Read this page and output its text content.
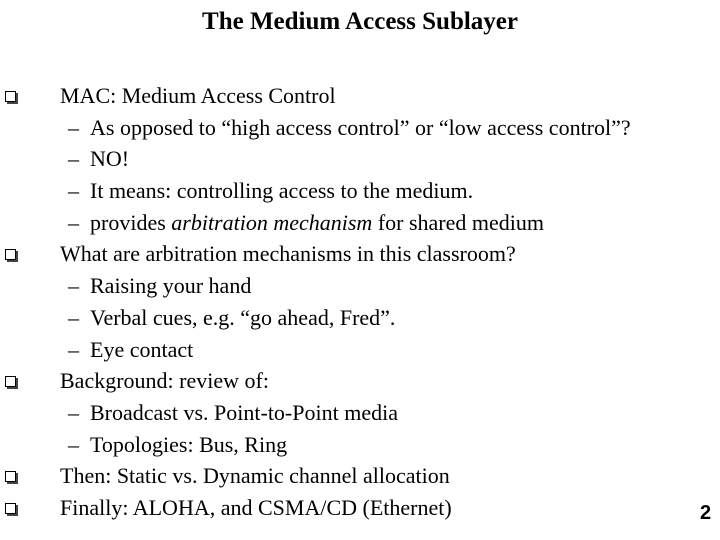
The Medium Access Sublayer
MAC: Medium Access Control
– As opposed to “high access control” or “low access control”?
– NO!
– It means: controlling access to the medium.
– provides arbitration mechanism for shared medium
What are arbitration mechanisms in this classroom?
– Raising your hand
– Verbal cues, e.g. “go ahead, Fred”.
– Eye contact
Background: review of:
– Broadcast vs. Point-to-Point media
– Topologies: Bus, Ring
Then: Static vs. Dynamic channel allocation
Finally: ALOHA, and CSMA/CD (Ethernet)	2
